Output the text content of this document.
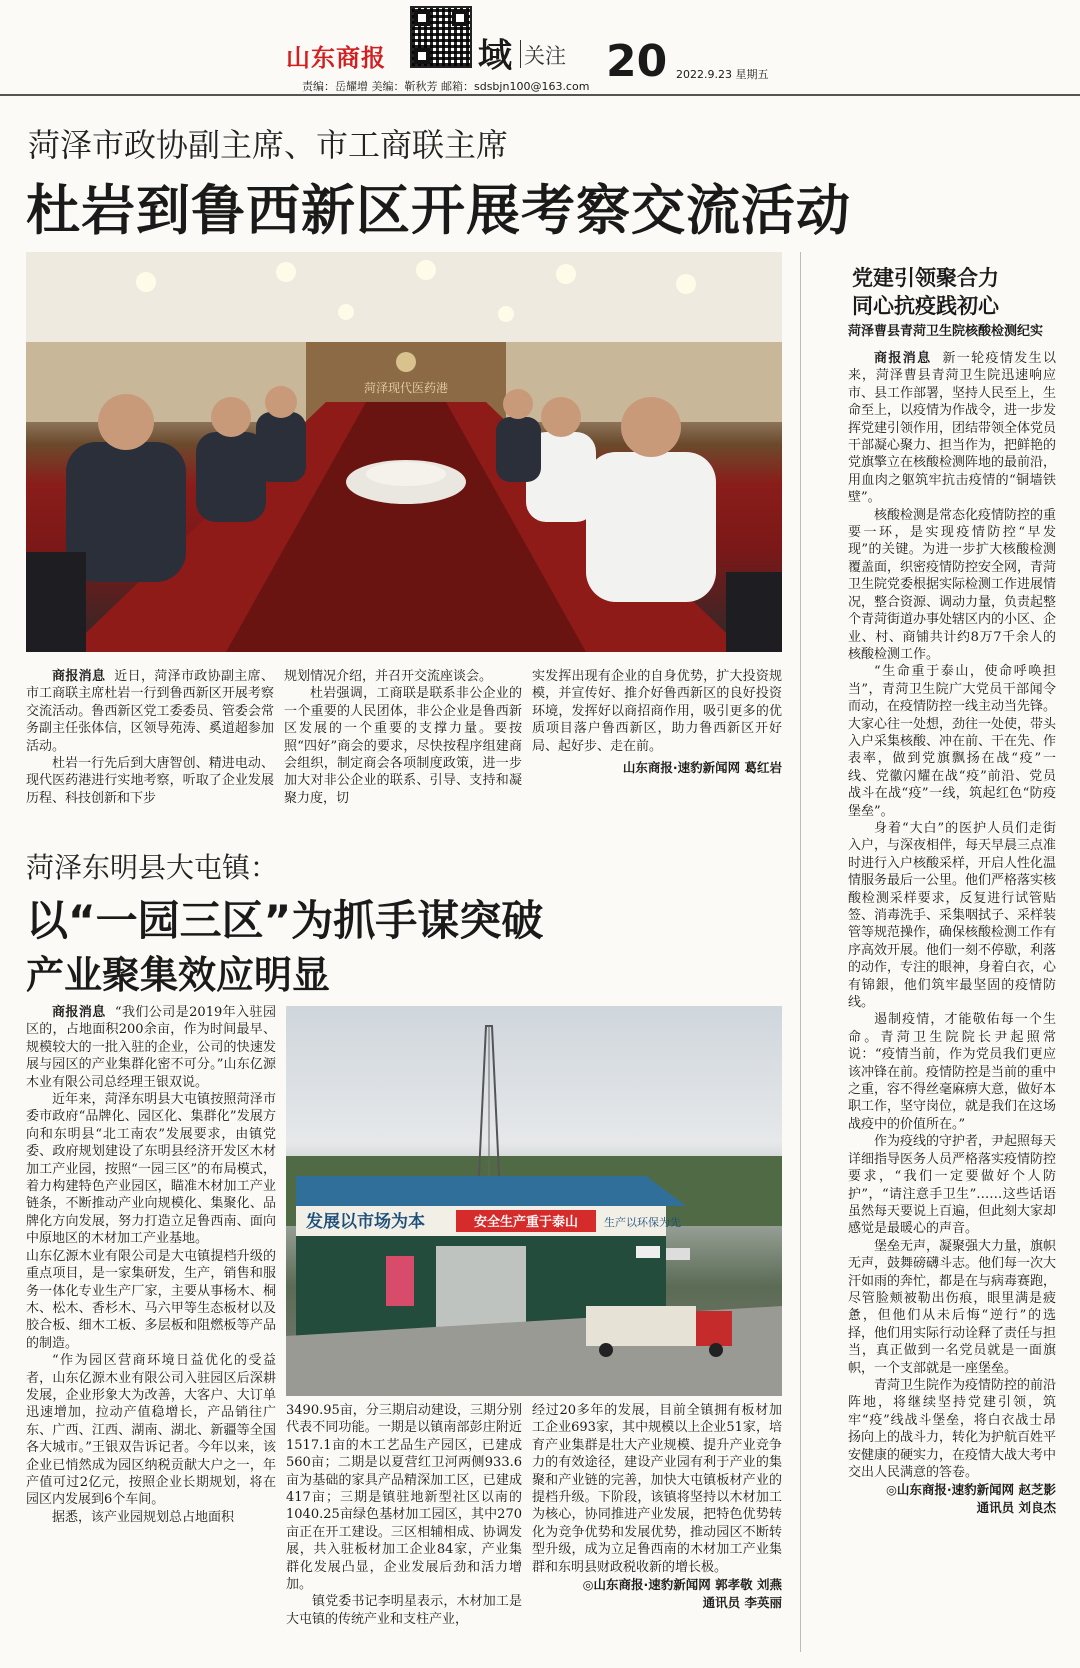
山东商报	域 关注 20 2022.9.23 星期五
责编：岳耀增 美编：靳秋芳 邮箱：sdsbjn100@163.com
菏泽市政协副主席、市工商联主席
杜岩到鲁西新区开展考察交流活动
菏泽现代医药港

商报消息 近日，菏泽市政协副主席、市工商联主席杜岩一行到鲁西新区开展考察交流活动。鲁西新区党工委委员、管委会常务副主任张体信，区领导苑涛、奚道超参加活动。

杜岩一行先后到大唐智创、精进电动、现代医药港进行实地考察，听取了企业发展历程、科技创新和下步

规划情况介绍，并召开交流座谈会。

杜岩强调，工商联是联系非公企业的一个重要的人民团体，非公企业是鲁西新区发展的一个重要的支撑力量。要按照“四好”商会的要求，尽快按程序组建商会组织，制定商会各项制度政策，进一步加大对非公企业的联系、引导、支持和凝聚力度，切

实发挥出现有企业的自身优势，扩大投资规模，并宣传好、推介好鲁西新区的良好投资环境，发挥好以商招商作用，吸引更多的优质项目落户鲁西新区，助力鲁西新区开好局、起好步、走在前。

山东商报·速豹新闻网 葛红岩
菏泽东明县大屯镇：
以“一园三区”为抓手谋突破
产业聚集效应明显

商报消息 “我们公司是2019年入驻园区的，占地面积200余亩，作为时间最早、规模较大的一批入驻的企业，公司的快速发展与园区的产业集群化密不可分。”山东亿源木业有限公司总经理王银双说。

近年来，菏泽东明县大屯镇按照菏泽市委市政府“品牌化、园区化、集群化”发展方向和东明县“北工南农”发展要求，由镇党委、政府规划建设了东明县经济开发区木材加工产业园，按照“一园三区”的布局模式，着力构建特色产业园区，瞄准木材加工产业链条，不断推动产业向规模化、集聚化、品牌化方向发展，努力打造立足鲁西南、面向中原地区的木材加工产业基地。

山东亿源木业有限公司是大屯镇提档升级的重点项目，是一家集研发，生产，销售和服务一体化专业生产厂家，主要从事杨木、桐木、松木、香杉木、马六甲等生态板材以及胶合板、细木工板、多层板和阻燃板等产品的制造。

“作为园区营商环境日益优化的受益者，山东亿源木业有限公司入驻园区后深耕发展，企业形象大为改善，大客户、大订单迅速增加，拉动产值稳增长，产品销往广东、广西、江西、湖南、湖北、新疆等全国各大城市。”王银双告诉记者。今年以来，该企业已悄然成为园区纳税贡献大户之一，年产值可过2亿元，按照企业长期规划，将在园区内发展到6个车间。

据悉，该产业园规划总占地面积

发展以市场为本	安全生产重于泰山 生产以环保为先

3490.95亩，分三期启动建设，三期分别代表不同功能。一期是以镇南部彭庄附近1517.1亩的木工艺品生产园区，已建成560亩；二期是以夏营红卫河两侧933.6亩为基础的家具产品精深加工区，已建成417亩；三期是镇驻地新型社区以南的1040.25亩绿色基材加工园区，其中270亩正在开工建设。三区相辅相成、协调发展，共入驻板材加工企业84家，产业集群化发展凸显，企业发展后劲和活力增加。

镇党委书记李明星表示，木材加工是大屯镇的传统产业和支柱产业，

经过20多年的发展，目前全镇拥有板材加工企业693家，其中规模以上企业51家，培育产业集群是壮大产业规模、提升产业竞争力的有效途径，建设产业园有利于产业的集聚和产业链的完善，加快大屯镇板材产业的提档升级。下阶段，该镇将坚持以木材加工为核心，协同推进产业发展，把特色优势转化为竞争优势和发展优势，推动园区不断转型升级，成为立足鲁西南的木材加工产业集群和东明县财政税收新的增长极。

◎山东商报·速豹新闻网 郭孝敬 刘燕
通讯员 李英丽
党建引领聚合力
同心抗疫践初心
菏泽曹县青菏卫生院核酸检测纪实

商报消息 新一轮疫情发生以来，菏泽曹县青菏卫生院迅速响应市、县工作部署，坚持人民至上，生命至上，以疫情为作战令，进一步发挥党建引领作用，团结带领全体党员干部凝心聚力、担当作为，把鲜艳的党旗擎立在核酸检测阵地的最前沿，用血肉之躯筑牢抗击疫情的“铜墙铁壁”。

核酸检测是常态化疫情防控的重要一环，是实现疫情防控“早发现”的关键。为进一步扩大核酸检测覆盖面，织密疫情防控安全网，青菏卫生院党委根据实际检测工作进展情况，整合资源、调动力量，负责起整个青菏街道办事处辖区内的小区、企业、村、商铺共计约8万7千余人的核酸检测工作。

“生命重于泰山，使命呼唤担当”，青菏卫生院广大党员干部闻令而动，在疫情防控一线主动当先锋。大家心往一处想，劲往一处使，带头入户采集核酸、冲在前、干在先、作表率，做到党旗飘扬在战“疫”一线、党徽闪耀在战“疫”前沿、党员战斗在战“疫”一线，筑起红色“防疫堡垒”。

身着“大白”的医护人员们走街入户，与深夜相伴，每天早晨三点准时进行入户核酸采样，开启人性化温情服务最后一公里。他们严格落实核酸检测采样要求，反复进行试管贴签、消毒洗手、采集咽拭子、采样装管等规范操作，确保核酸检测工作有序高效开展。他们一刻不停歇，利落的动作，专注的眼神，身着白衣，心有锦銀，他们筑牢最坚固的疫情防线。

遏制疫情，才能敬佑每一个生命。青菏卫生院院长尹起照常说：“疫情当前，作为党员我们更应该冲锋在前。疫情防控是当前的重中之重，容不得丝毫麻痹大意，做好本职工作，坚守岗位，就是我们在这场战疫中的价值所在。”

作为疫线的守护者，尹起照每天详细指导医务人员严格落实疫情防控要求，“我们一定要做好个人防护”，“请注意手卫生”……这些话语虽然每天要说上百遍，但此刻大家却感觉是最暖心的声音。

堡垒无声，凝聚强大力量，旗帜无声，鼓舞磅礴斗志。他们每一次大汗如雨的奔忙，都是在与病毒赛跑，尽管脸颊被勒出伤痕，眼里满是疲惫，但他们从未后悔“逆行”的选择，他们用实际行动诠释了责任与担当，真正做到一名党员就是一面旗帜，一个支部就是一座堡垒。

青菏卫生院作为疫情防控的前沿阵地，将继续坚持党建引领，筑牢“疫”线战斗堡垒，将白衣战士昂扬向上的战斗力，转化为护航百姓平安健康的硬实力，在疫情大战大考中交出人民满意的答卷。

◎山东商报·速豹新闻网 赵芝影
通讯员 刘良杰
